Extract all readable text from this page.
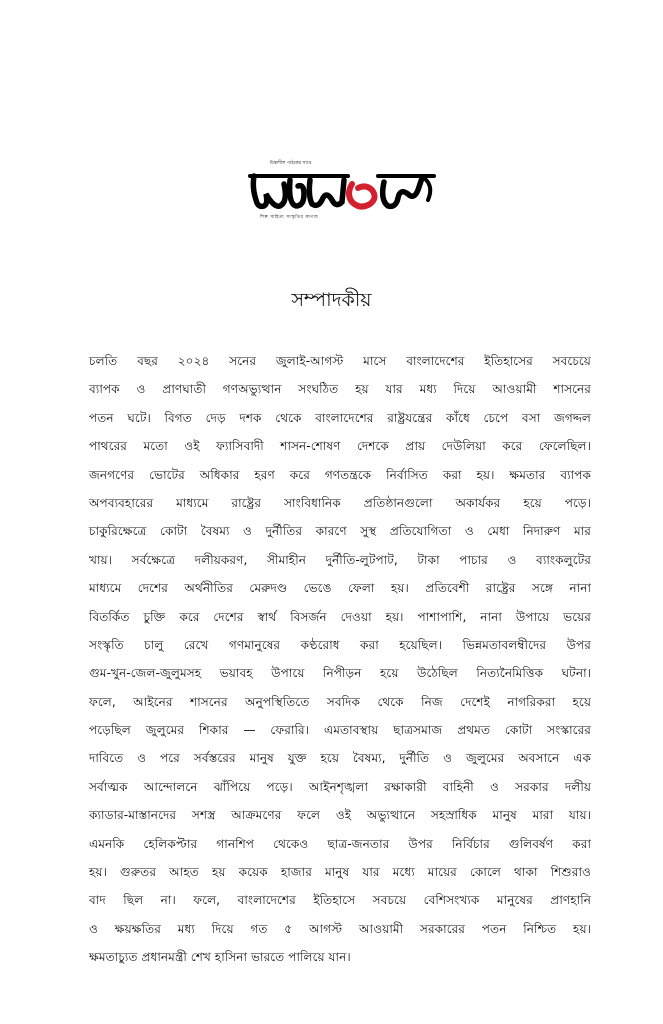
চিন্তাশীল পাঠকের সাথে
শিল্প সাহিত্য সংস্কৃতির কাগজ
সম্পাদকীয়
চলতি বছর ২০২৪ সনের জুলাই-আগস্ট মাসে বাংলাদেশের ইতিহাসের সবচেয়ে
ব্যাপক ও প্রাণঘাতী গণঅভ্যুত্থান সংঘঠিত হয় যার মধ্য দিয়ে আওয়ামী শাসনের
পতন ঘটে। বিগত দেড় দশক থেকে বাংলাদেশের রাষ্ট্রযন্ত্রের কাঁধে চেপে বসা জগদ্দল
পাথরের মতো ওই ফ্যাসিবাদী শাসন-শোষণ দেশকে প্রায় দেউলিয়া করে ফেলেছিল।
জনগণের ভোটের অধিকার হরণ করে গণতন্ত্রকে নির্বাসিত করা হয়। ক্ষমতার ব্যাপক
অপব্যবহারের মাধ্যমে রাষ্ট্রের সাংবিধানিক প্রতিষ্ঠানগুলো অকার্যকর হয়ে পড়ে।
চাকুরিক্ষেত্রে কোটা বৈষম্য ও দুর্নীতির কারণে সুস্থ প্রতিযোগিতা ও মেধা নিদারুণ মার
খায়। সর্বক্ষেত্রে দলীয়করণ, সীমাহীন দুর্নীতি-লুটপাট, টাকা পাচার ও ব্যাংকলুটের
মাধ্যমে দেশের অর্থনীতির মেরুদণ্ড ভেঙে ফেলা হয়। প্রতিবেশী রাষ্ট্রের সঙ্গে নানা
বিতর্কিত চুক্তি করে দেশের স্বার্থ বিসর্জন দেওয়া হয়। পাশাপাশি, নানা উপায়ে ভয়ের
সংস্কৃতি চালু রেখে গণমানুষের কণ্ঠরোধ করা হয়েছিল। ভিন্নমতাবলম্বীদের উপর
গুম-খুন-জেল-জুলুমসহ ভয়াবহ উপায়ে নিপীড়ন হয়ে উঠেছিল নিত্যনৈমিত্তিক ঘটনা।
ফলে, আইনের শাসনের অনুপস্থিতিতে সবদিক থেকে নিজ দেশেই নাগরিকরা হয়ে
পড়েছিল জুলুমের শিকার — ফেরারি। এমতাবস্থায় ছাত্রসমাজ প্রথমত কোটা সংস্কারের
দাবিতে ও পরে সর্বস্তরের মানুষ যুক্ত হয়ে বৈষম্য, দুর্নীতি ও জুলুমের অবসানে এক
সর্বাত্মক আন্দোলনে ঝাঁপিয়ে পড়ে। আইনশৃঙ্খলা রক্ষাকারী বাহিনী ও সরকার দলীয়
ক্যাডার-মাস্তানদের সশস্ত্র আক্রমণের ফলে ওই অভ্যুত্থানে সহস্রাধিক মানুষ মারা যায়।
এমনকি হেলিকপ্টার গানশিপ থেকেও ছাত্র-জনতার উপর নির্বিচার গুলিবর্ষণ করা
হয়। গুরুতর আহত হয় কয়েক হাজার মানুষ যার মধ্যে মায়ের কোলে থাকা শিশুরাও
বাদ ছিল না। ফলে, বাংলাদেশের ইতিহাসে সবচয়ে বেশিসংখ্যক মানুষের প্রাণহানি
ও ক্ষয়ক্ষতির মধ্য দিয়ে গত ৫ আগস্ট আওয়ামী সরকারের পতন নিশ্চিত হয়।
ক্ষমতাচ্যুত প্রধানমন্ত্রী শেখ হাসিনা ভারতে পালিয়ে যান।
